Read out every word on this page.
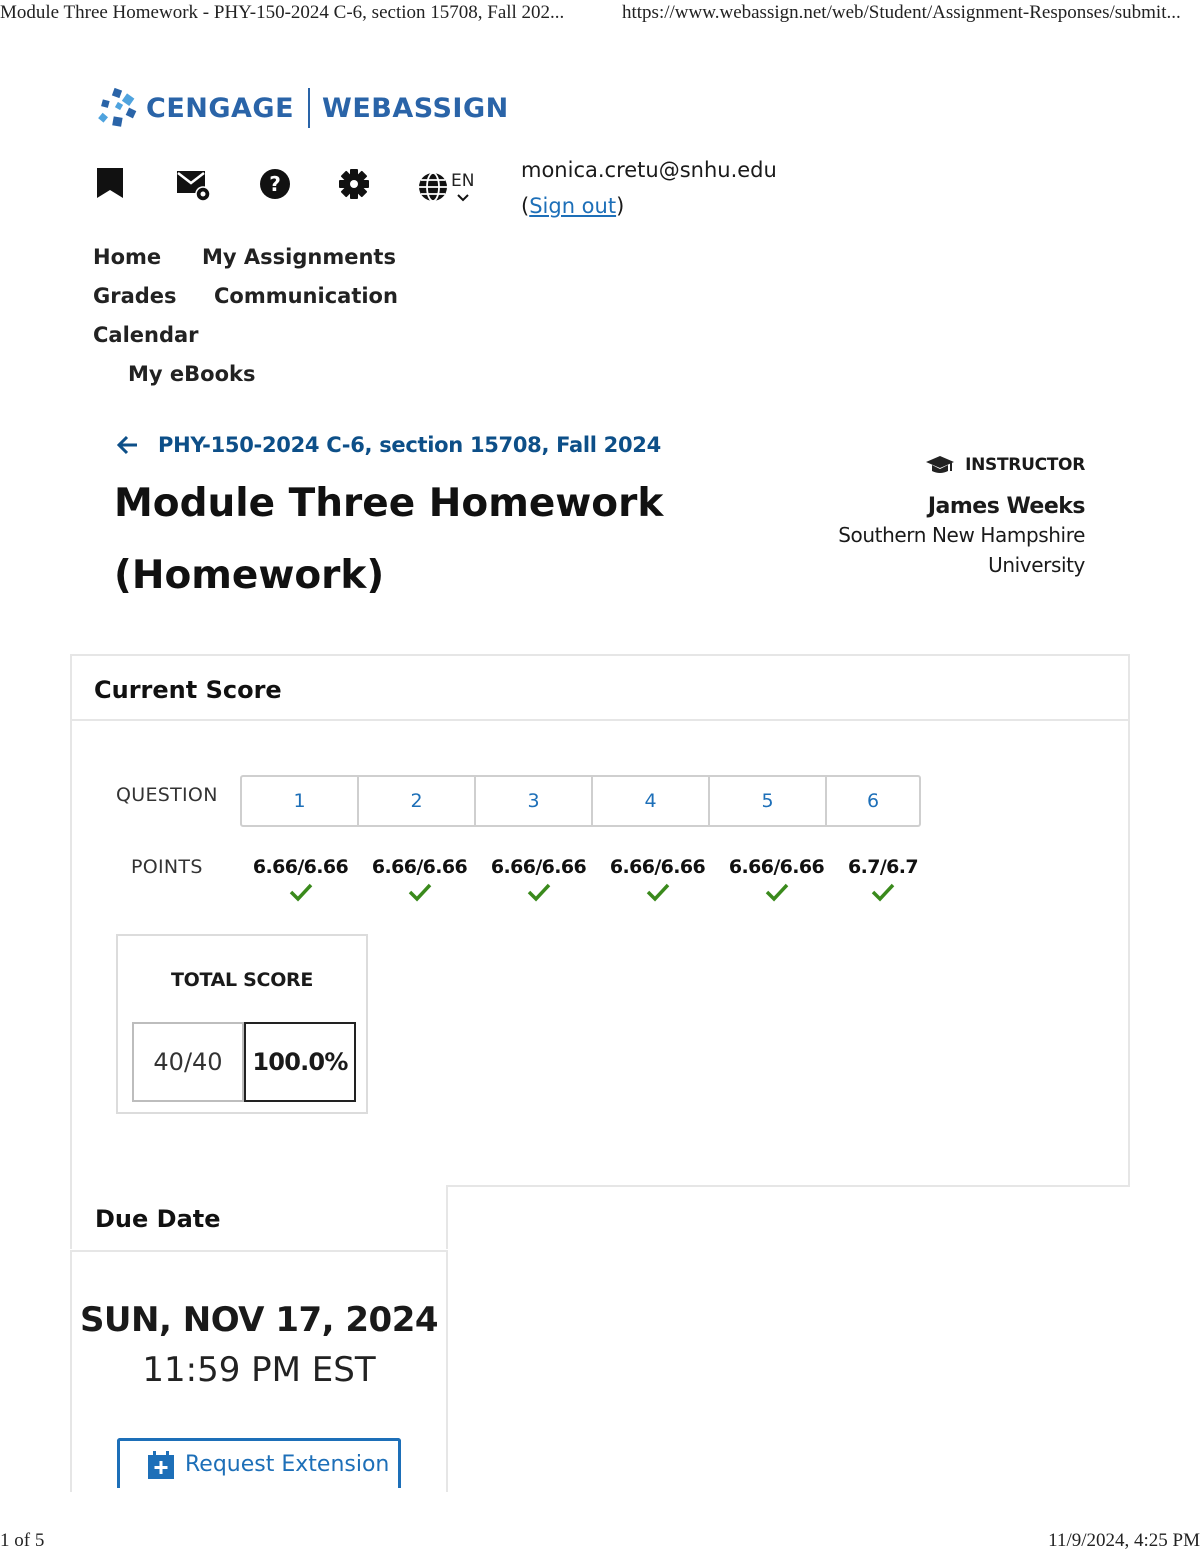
Module Three Homework - PHY-150-2024 C-6, section 15708, Fall 202...	https://www.webassign.net/web/Student/Assignment-Responses/submit...
CENGAGE WEBASSIGN
?	EN monica.cretu@snhu.edu
(Sign out)
Home My Assignments
Grades Communication
Calendar
My eBooks
PHY-150-2024 C-6, section 15708, Fall 2024
Module Three Homework
(Homework)
INSTRUCTOR
James Weeks
Southern New Hampshire
University
Current Score
QUESTION	1	2	3	4	5	6
POINTS	6.66/6.66	6.66/6.66	6.66/6.66	6.66/6.66	6.66/6.66	6.7/6.7
TOTAL SCORE
40/40	100.0%
Due Date
SUN, NOV 17, 2024
11:59 PM EST
Request Extension
1 of 5	11/9/2024, 4:25 PM
